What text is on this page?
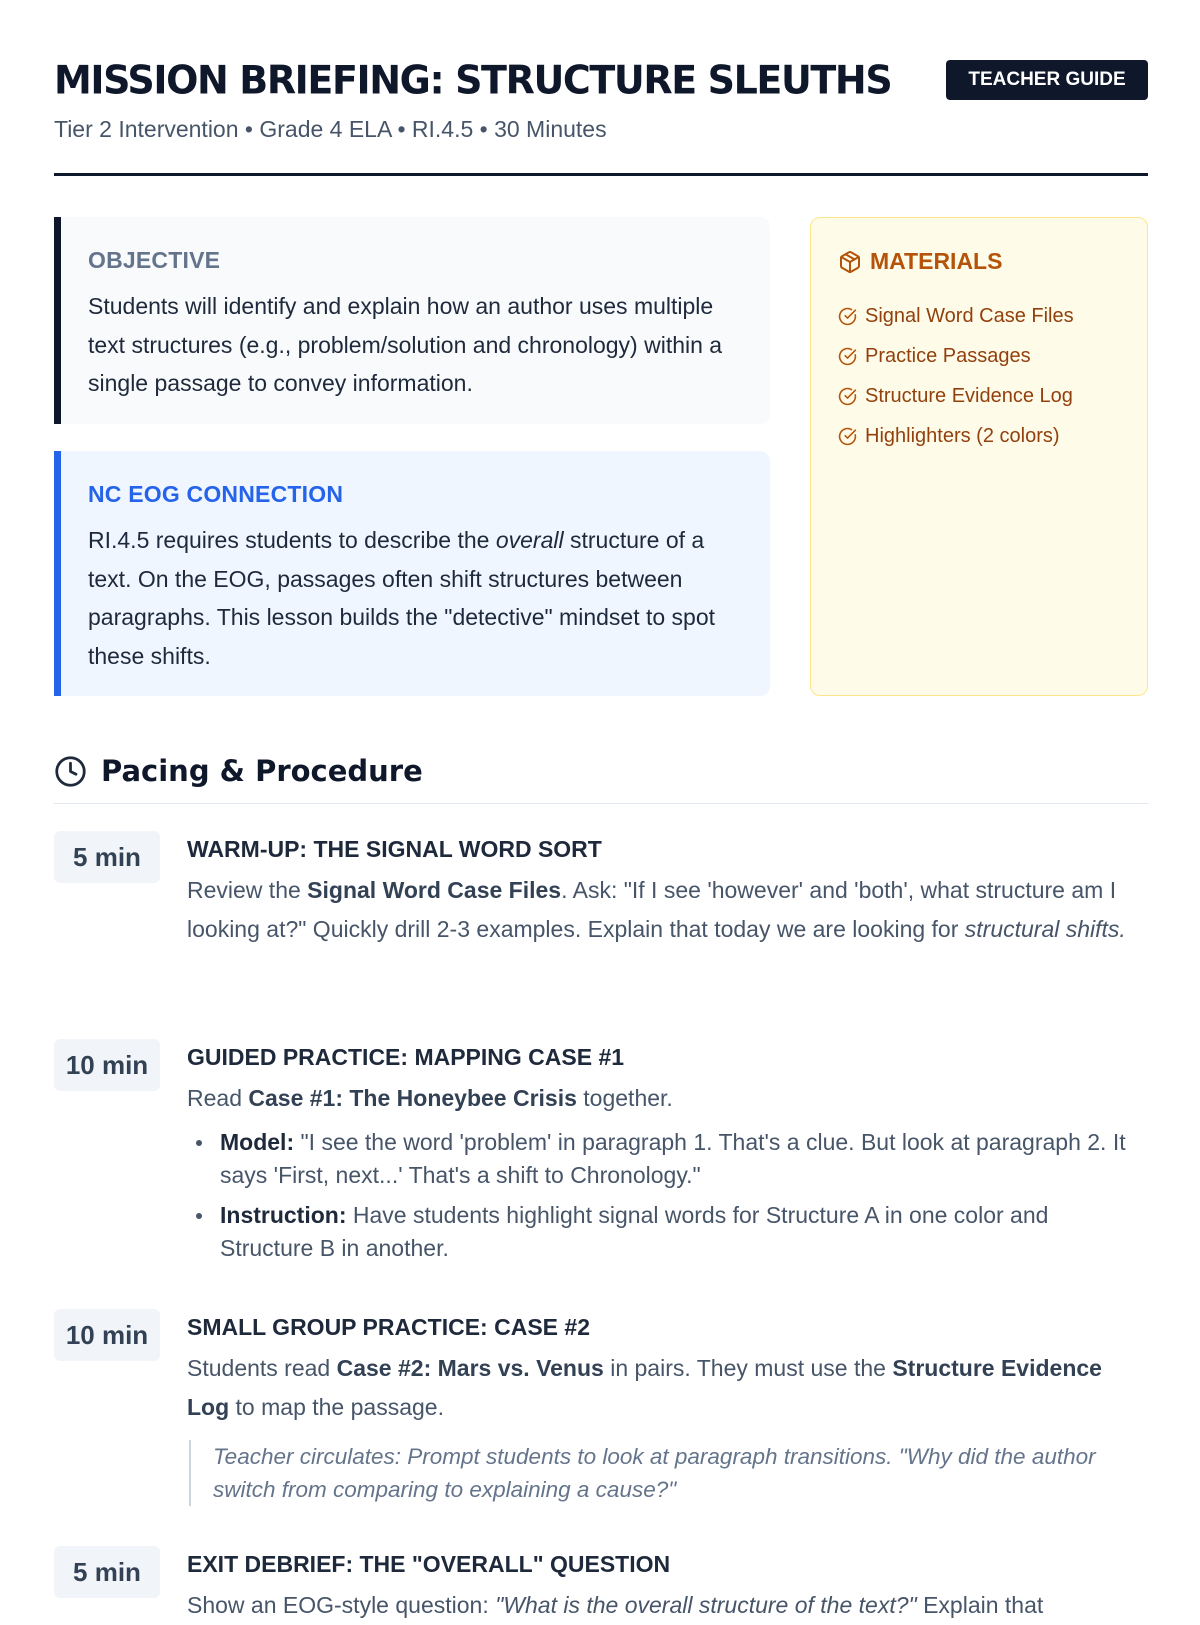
MISSION BRIEFING: STRUCTURE SLEUTHS	TEACHER GUIDE
Tier 2 Intervention • Grade 4 ELA • RI.4.5 • 30 Minutes
OBJECTIVE
Students will identify and explain how an author uses multiple text structures (e.g., problem/solution and chronology) within a single passage to convey information.
NC EOG CONNECTION
RI.4.5 requires students to describe the overall structure of a text. On the EOG, passages often shift structures between paragraphs. This lesson builds the "detective" mindset to spot these shifts.
MATERIALS
Signal Word Case Files
Practice Passages
Structure Evidence Log
Highlighters (2 colors)
Pacing & Procedure
5 min	WARM-UP: THE SIGNAL WORD SORT
Review the Signal Word Case Files. Ask: "If I see 'however' and 'both', what structure am I looking at?" Quickly drill 2-3 examples. Explain that today we are looking for structural shifts.
10 min	GUIDED PRACTICE: MAPPING CASE #1
Read Case #1: The Honeybee Crisis together.
Model: "I see the word 'problem' in paragraph 1. That's a clue. But look at paragraph 2. It says 'First, next...' That's a shift to Chronology."
Instruction: Have students highlight signal words for Structure A in one color and Structure B in another.
10 min	SMALL GROUP PRACTICE: CASE #2
Students read Case #2: Mars vs. Venus in pairs. They must use the Structure Evidence Log to map the passage.
Teacher circulates: Prompt students to look at paragraph transitions. "Why did the author switch from comparing to explaining a cause?"
5 min	EXIT DEBRIEF: THE "OVERALL" QUESTION
Show an EOG-style question: "What is the overall structure of the text?" Explain that
